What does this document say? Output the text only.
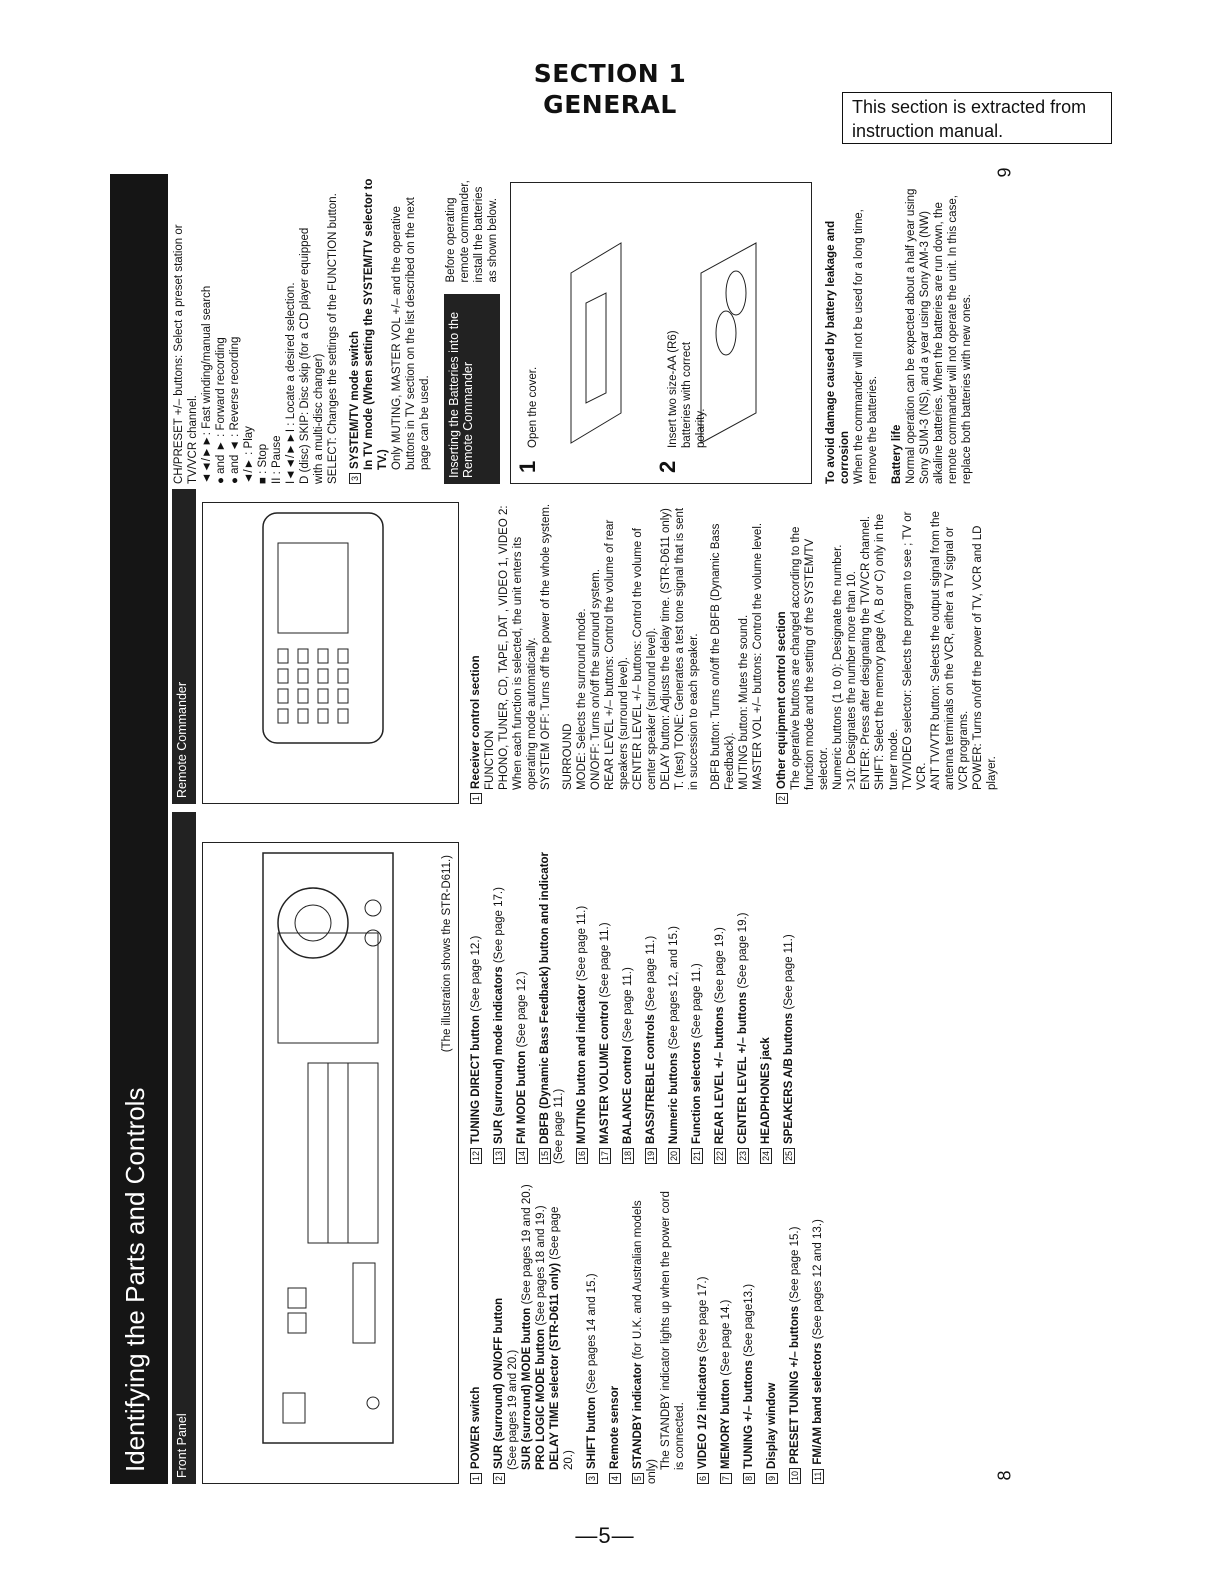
SECTION 1
GENERAL	This section is extracted from
instruction manual.
9
8
—5—
Identifying the Parts and Controls Front Panel
(The illustration shows the STR-D611.)
1POWER switch
2SUR (surround) ON/OFF button (See pages 19 and 20.) SUR (surround) MODE button (See pages 19 and 20.)
PRO LOGIC MODE button (See pages 18 and 19.) DELAY TIME selector (STR-D611 only) (See page 20.)
3SHIFT button (See pages 14 and 15.)
4Remote sensor
5STANDBY indicator (for U.K. and Australian models only)
The STANDBY indicator lights up when the power cord is connected.
6VIDEO 1/2 indicators (See page 17.)
7MEMORY button (See page 14.)
8TUNING +/– buttons (See page13.)
9Display window
10PRESET TUNING +/– buttons (See page 15.)
11FM/AM band selectors (See pages 12 and 13.)
12TUNING DIRECT button (See page 12.)
13SUR (surround) mode indicators (See page 17.)
14FM MODE button (See page 12.)
15DBFB (Dynamic Bass Feedback) button and indicator (See page 11.) 16MUTING button and indicator (See page 11.)
17MASTER VOLUME control (See page 11.)
18BALANCE control (See page 11.)
19BASS/TREBLE controls (See page 11.)
20Numeric buttons (See pages 12, and 15.)
21Function selectors (See page 11.)
22REAR LEVEL +/– buttons (See page 19.)
23CENTER LEVEL +/– buttons (See page 19.)
24HEADPHONES jack
25SPEAKERS A/B buttons (See page 11.)
Remote Commander
1Receiver control section FUNCTION PHONO, TUNER, CD, TAPE, DAT , VIDEO 1, VIDEO 2: When each function is selected, the unit enters its operating mode automatically. SYSTEM OFF: Turns off the power of the whole system. SURROUND MODE: Selects the surround mode. ON/OFF: Turns on/off the surround system. REAR LEVEL +/– buttons: Control the volume of rear speakers (surround level). CENTER LEVEL +/– buttons: Control the volume of center speaker (surround level). DELAY button: Adjusts the delay time. (STR-D611 only) T. (test) TONE: Generates a test tone signal that is sent in succession to each speaker. DBFB button: Turns on/off the DBFB (Dynamic Bass Feedback). MUTING button: Mutes the sound. MASTER VOL +/– buttons: Control the volume level.
2Other equipment control section The operative buttons are changed according to the function mode and the setting of the SYSTEM/TV selector. Numeric buttons (1 to 0): Designate the number. >10: Designates the number more than 10. ENTER: Press after designating the TV/VCR channel. SHIFT: Select the memory page (A, B or C) only in the tuner mode. TV/VIDEO selector: Selects the program to see ; TV or VCR. ANT TV/VTR button: Selects the output signal from the antenna terminals on the VCR, either a TV signal or VCR programs. POWER: Turns on/off the power of TV, VCR and LD player.
CH/PRESET +/– buttons: Select a preset station or TV/VCR channel. ◄◄/►►: Fast winding/manual search ● and ► : Forward recording ● and ◄ : Reverse recording ◄/► : Play ■ : Stop II : Pause I◄◄/►►I : Locate a desired selection. D (disc) SKIP: Disc skip (for a CD player equipped with a multi-disc changer) SELECT: Changes the settings of the FUNCTION button. 3SYSTEM/TV mode switch In TV mode (When setting the SYSTEM/TV selector to TV.) Only MUTING, MASTER VOL +/– and the operative buttons in TV section on the list described on the next page can be used. Inserting the Batteries into the Remote Commander
Before operating remote commander, install the batteries as shown below.
1
Open the cover.
2
Insert two size-AA (R6) batteries with correct polarity.	To avoid damage caused by battery leakage and corrosion When the commander will not be used for a long time, remove the batteries. Battery life Normal operation can be expected about a half year using Sony SUM-3 (NS), and a year using Sony AM-3 (NW) alkaline batteries. When the batteries are run down, the remote commander will not operate the unit. In this case, replace both batteries with new ones.
